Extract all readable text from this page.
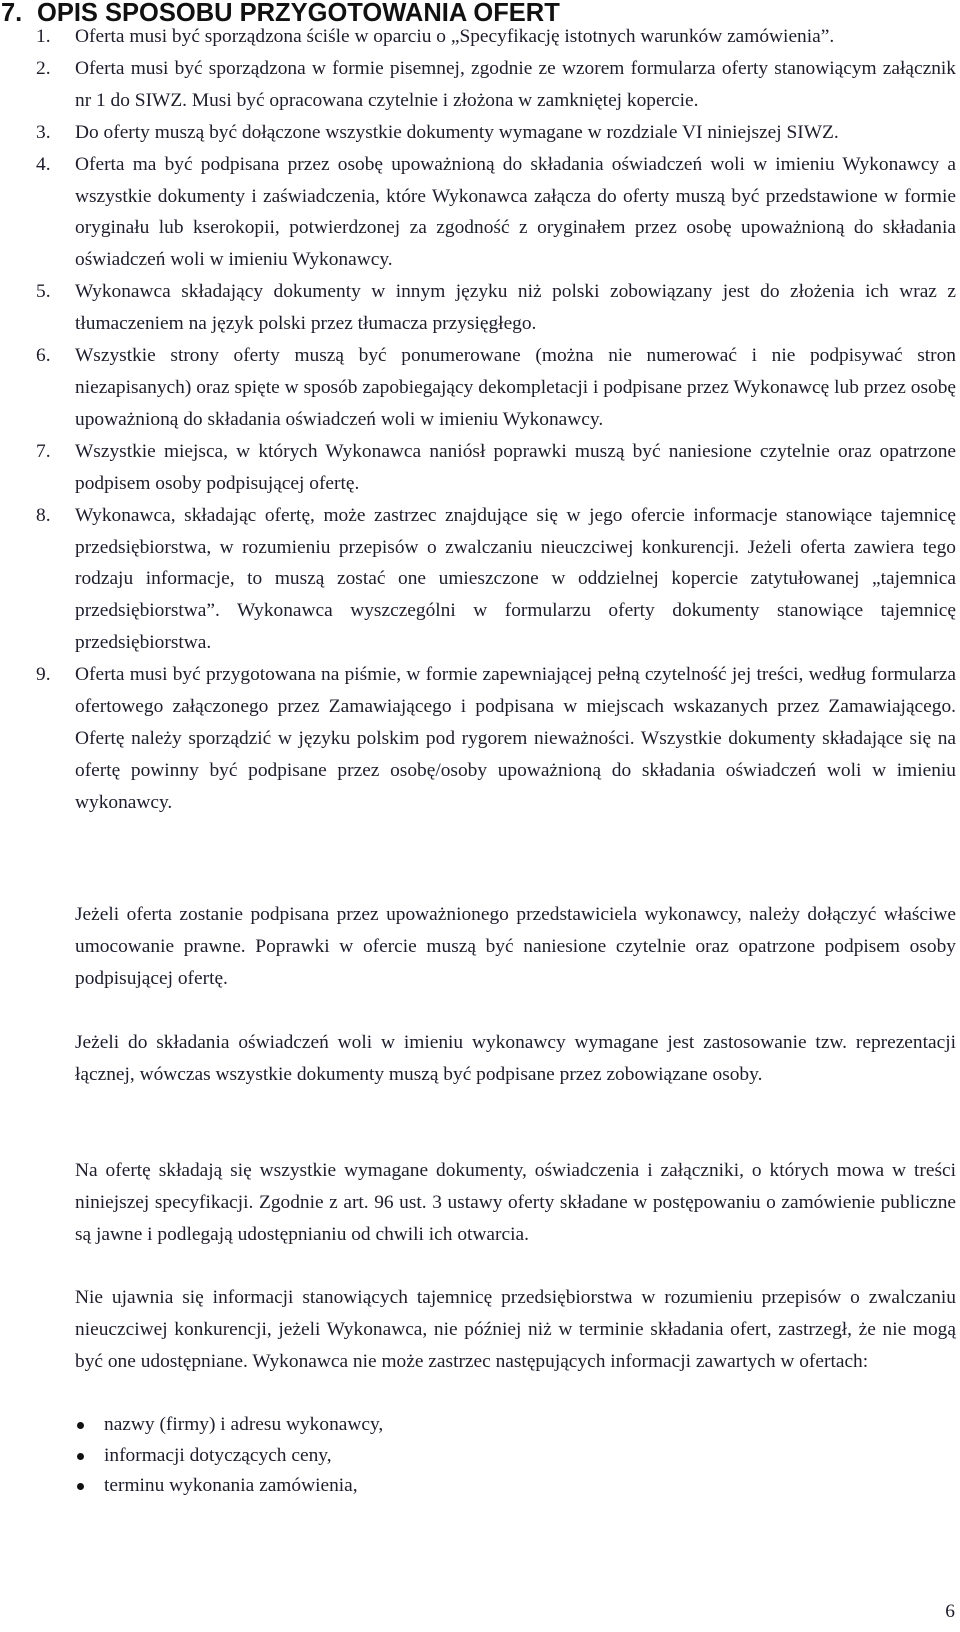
7. OPIS SPOSOBU PRZYGOTOWANIA OFERT
1. Oferta musi być sporządzona ściśle w oparciu o „Specyfikację istotnych warunków zamówienia”.
2. Oferta musi być sporządzona w formie pisemnej, zgodnie ze wzorem formularza oferty stanowiącym załącznik nr 1 do SIWZ. Musi być opracowana czytelnie i złożona w zamkniętej kopercie.
3. Do oferty muszą być dołączone wszystkie dokumenty wymagane w rozdziale VI niniejszej SIWZ.
4. Oferta ma być podpisana przez osobę upoważnioną do składania oświadczeń woli w imieniu Wykonawcy a wszystkie dokumenty i zaświadczenia, które Wykonawca załącza do oferty muszą być przedstawione w formie oryginału lub kserokopii, potwierdzonej za zgodność z oryginałem przez osobę upoważnioną do składania oświadczeń woli w imieniu Wykonawcy.
5. Wykonawca składający dokumenty w innym języku niż polski zobowiązany jest do złożenia ich wraz z tłumaczeniem na język polski przez tłumacza przysięgłego.
6. Wszystkie strony oferty muszą być ponumerowane (można nie numerować i nie podpisywać stron niezapisanych) oraz spięte w sposób zapobiegający dekompletacji i podpisane przez Wykonawcę lub przez osobę upoważnioną do składania oświadczeń woli w imieniu Wykonawcy.
7. Wszystkie miejsca, w których Wykonawca naniósł poprawki muszą być naniesione czytelnie oraz opatrzone podpisem osoby podpisującej ofertę.
8. Wykonawca, składając ofertę, może zastrzec znajdujące się w jego ofercie informacje stanowiące tajemnicę przedsiębiorstwa, w rozumieniu przepisów o zwalczaniu nieuczciwej konkurencji. Jeżeli oferta zawiera tego rodzaju informacje, to muszą zostać one umieszczone w oddzielnej kopercie zatytułowanej „tajemnica przedsiębiorstwa”. Wykonawca wyszczególni w formularzu oferty dokumenty stanowiące tajemnicę przedsiębiorstwa.
9. Oferta musi być przygotowana na piśmie, w formie zapewniającej pełną czytelność jej treści, według formularza ofertowego załączonego przez Zamawiającego i podpisana w miejscach wskazanych przez Zamawiającego. Ofertę należy sporządzić w języku polskim pod rygorem nieważności. Wszystkie dokumenty składające się na ofertę powinny być podpisane przez osobę/osoby upoważnioną do składania oświadczeń woli w imieniu wykonawcy.

Jeżeli oferta zostanie podpisana przez upoważnionego przedstawiciela wykonawcy, należy dołączyć właściwe umocowanie prawne. Poprawki w ofercie muszą być naniesione czytelnie oraz opatrzone podpisem osoby podpisującej ofertę.

Jeżeli do składania oświadczeń woli w imieniu wykonawcy wymagane jest zastosowanie tzw. reprezentacji łącznej, wówczas wszystkie dokumenty muszą być podpisane przez zobowiązane osoby.

Na ofertę składają się wszystkie wymagane dokumenty, oświadczenia i załączniki, o których mowa w treści niniejszej specyfikacji. Zgodnie z art. 96 ust. 3 ustawy oferty składane w postępowaniu o zamówienie publiczne są jawne i podlegają udostępnianiu od chwili ich otwarcia.

Nie ujawnia się informacji stanowiących tajemnicę przedsiębiorstwa w rozumieniu przepisów o zwalczaniu nieuczciwej konkurencji, jeżeli Wykonawca, nie później niż w terminie składania ofert, zastrzegł, że nie mogą być one udostępniane. Wykonawca nie może zastrzec następujących informacji zawartych w ofertach:

nazwy (firmy) i adresu wykonawcy,
informacji dotyczących ceny,
terminu wykonania zamówienia,
6
